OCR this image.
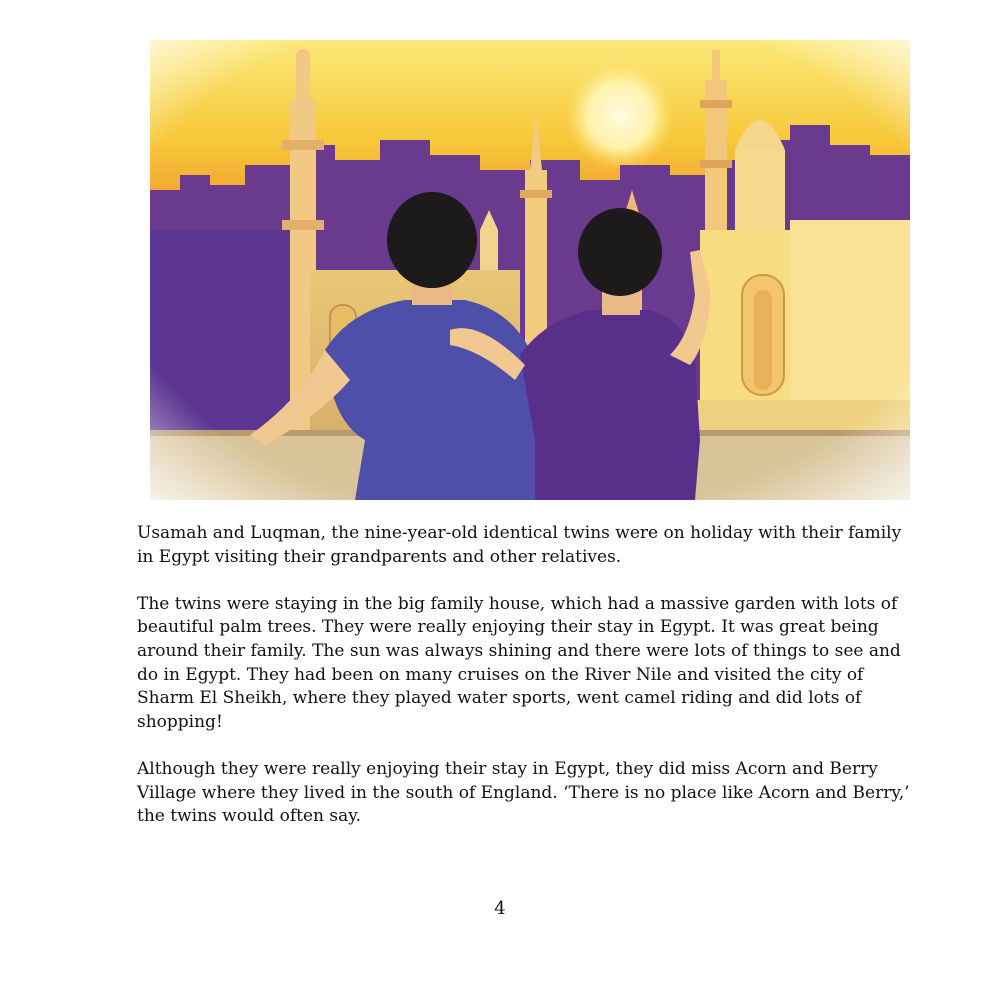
Usamah and Luqman, the nine-year-old identical twins were on holiday with their family in Egypt visiting their grandparents and other relatives.

The twins were staying in the big family house, which had a massive garden with lots of beautiful palm trees. They were really enjoying their stay in Egypt. It was great being around their family. The sun was always shining and there were lots of things to see and do in Egypt. They had been on many cruises on the River Nile and visited the city of Sharm El Sheikh, where they played water sports, went camel riding and did lots of shopping!

Although they were really enjoying their stay in Egypt, they did miss Acorn and Berry Village where they lived in the south of England. ‘There is no place like Acorn and Berry,’ the twins would often say.

4
